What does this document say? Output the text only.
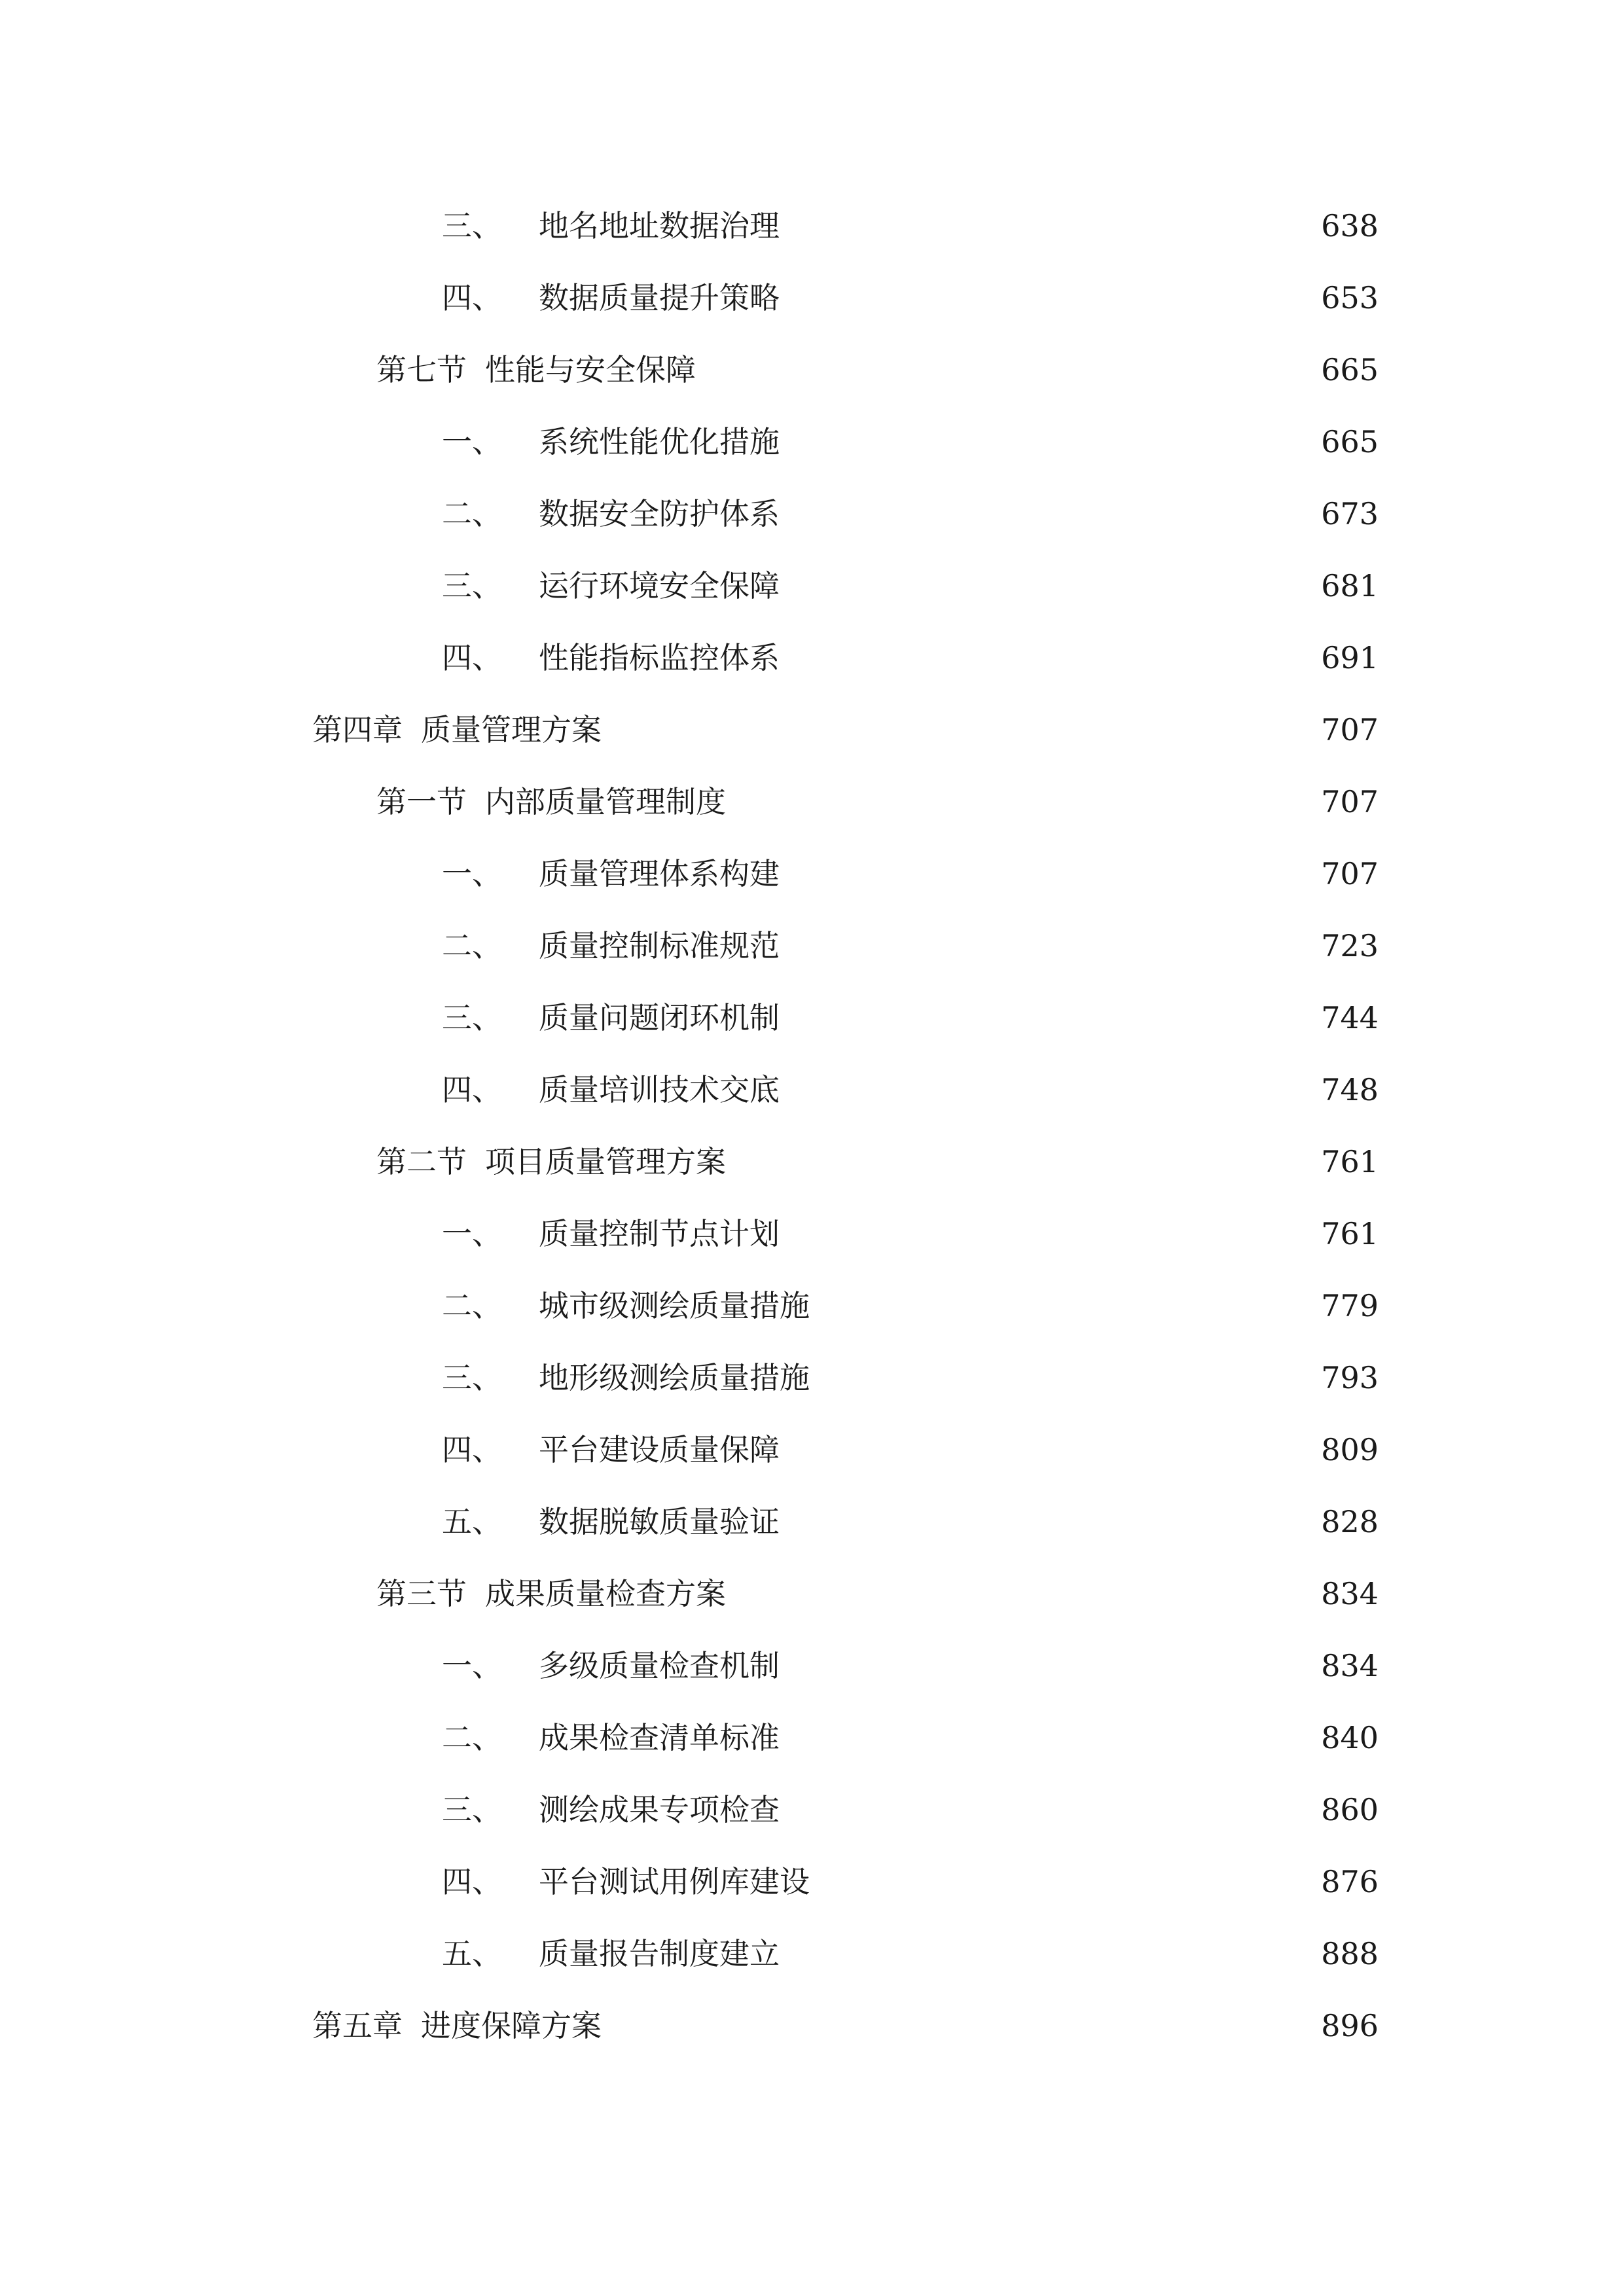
三、 地名地址数据治理	638
四、 数据质量提升策略	653
第七节 性能与安全保障	665
一、 系统性能优化措施	665
二、 数据安全防护体系	673
三、 运行环境安全保障	681
四、 性能指标监控体系	691
第四章 质量管理方案	707
第一节 内部质量管理制度	707
一、 质量管理体系构建	707
二、 质量控制标准规范	723
三、 质量问题闭环机制	744
四、 质量培训技术交底	748
第二节 项目质量管理方案	761
一、 质量控制节点计划	761
二、 城市级测绘质量措施	779
三、 地形级测绘质量措施	793
四、 平台建设质量保障	809
五、 数据脱敏质量验证	828
第三节 成果质量检查方案	834
一、 多级质量检查机制	834
二、 成果检查清单标准	840
三、 测绘成果专项检查	860
四、 平台测试用例库建设	876
五、 质量报告制度建立	888
第五章 进度保障方案	896
